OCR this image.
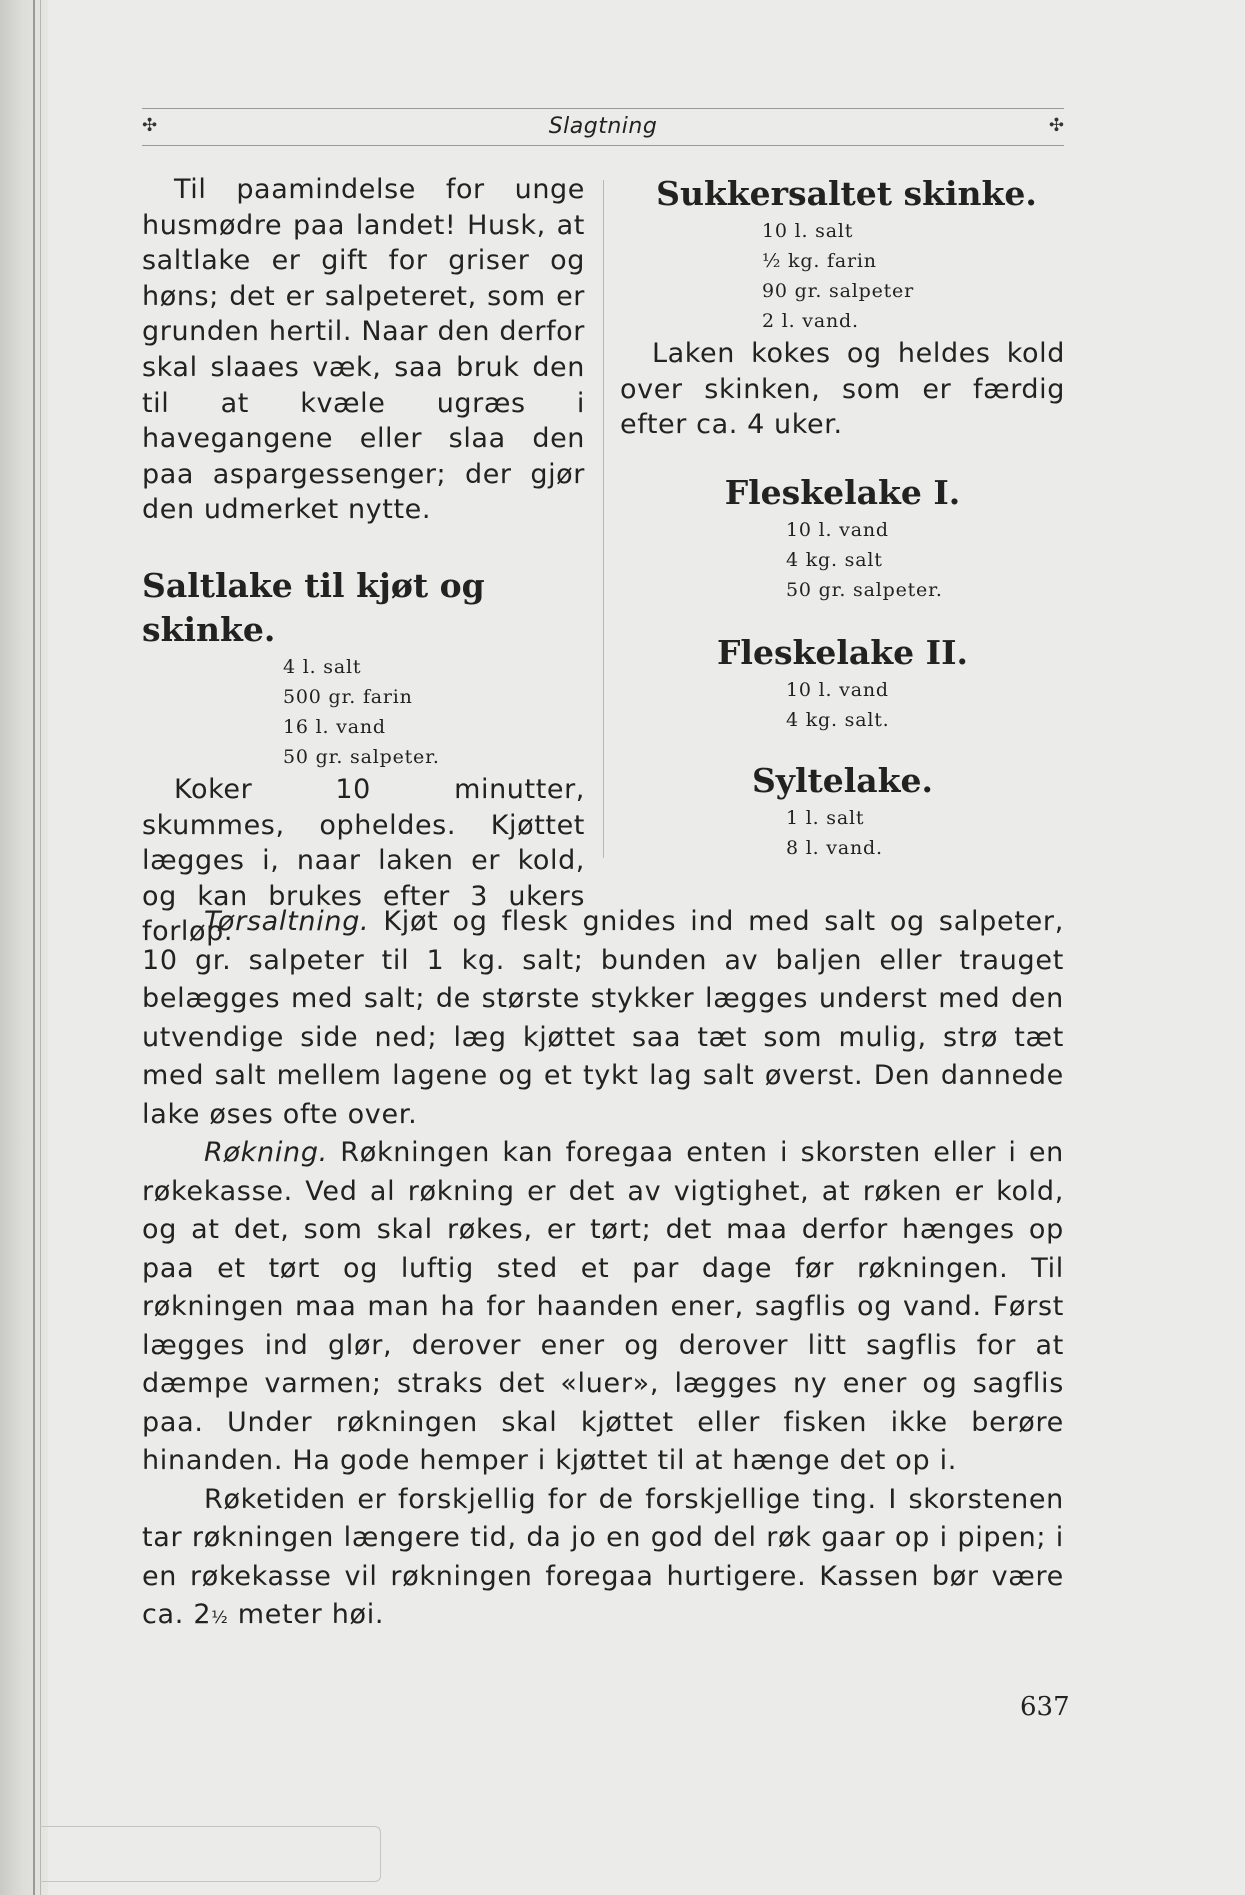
✣	Slagtning	✣

Til paamindelse for unge husmødre paa landet! Husk, at saltlake er gift for griser og høns; det er salpeteret, som er grunden hertil. Naar den derfor skal slaaes væk, saa bruk den til at kvæle ugræs i havegangene eller slaa den paa aspargessenger; der gjør den udmerket nytte.

Saltlake til kjøt og skinke.
4 l. salt
500 gr. farin
16 l. vand
50 gr. salpeter.

Koker 10 minutter, skummes, opheldes. Kjøttet lægges i, naar laken er kold, og kan brukes efter 3 ukers forløp.

Sukkersaltet skinke.
10 l. salt
½ kg. farin
90 gr. salpeter
2 l. vand.

Laken kokes og heldes kold over skinken, som er færdig efter ca. 4 uker.

Fleskelake I.
10 l. vand
4 kg. salt
50 gr. salpeter.
Fleskelake II.
10 l. vand
4 kg. salt.
Syltelake.
1 l. salt
8 l. vand.

Tørsaltning. Kjøt og flesk gnides ind med salt og salpeter, 10 gr. salpeter til 1 kg. salt; bunden av baljen eller trauget belægges med salt; de største stykker lægges underst med den utvendige side ned; læg kjøttet saa tæt som mulig, strø tæt med salt mellem lagene og et tykt lag salt øverst. Den dannede lake øses ofte over.

Røkning. Røkningen kan foregaa enten i skorsten eller i en røkekasse. Ved al røkning er det av vigtighet, at røken er kold, og at det, som skal røkes, er tørt; det maa derfor hænges op paa et tørt og luftig sted et par dage før røkningen. Til røkningen maa man ha for haanden ener, sagflis og vand. Først lægges ind glør, derover ener og derover litt sagflis for at dæmpe varmen; straks det «luer», lægges ny ener og sagflis paa. Under røkningen skal kjøttet eller fisken ikke berøre hinanden. Ha gode hemper i kjøttet til at hænge det op i.

Røketiden er forskjellig for de forskjellige ting. I skorstenen tar røkningen længere tid, da jo en god del røk gaar op i pipen; i en røkekasse vil røkningen foregaa hurtigere. Kassen bør være ca. 2½ meter høi.

637
